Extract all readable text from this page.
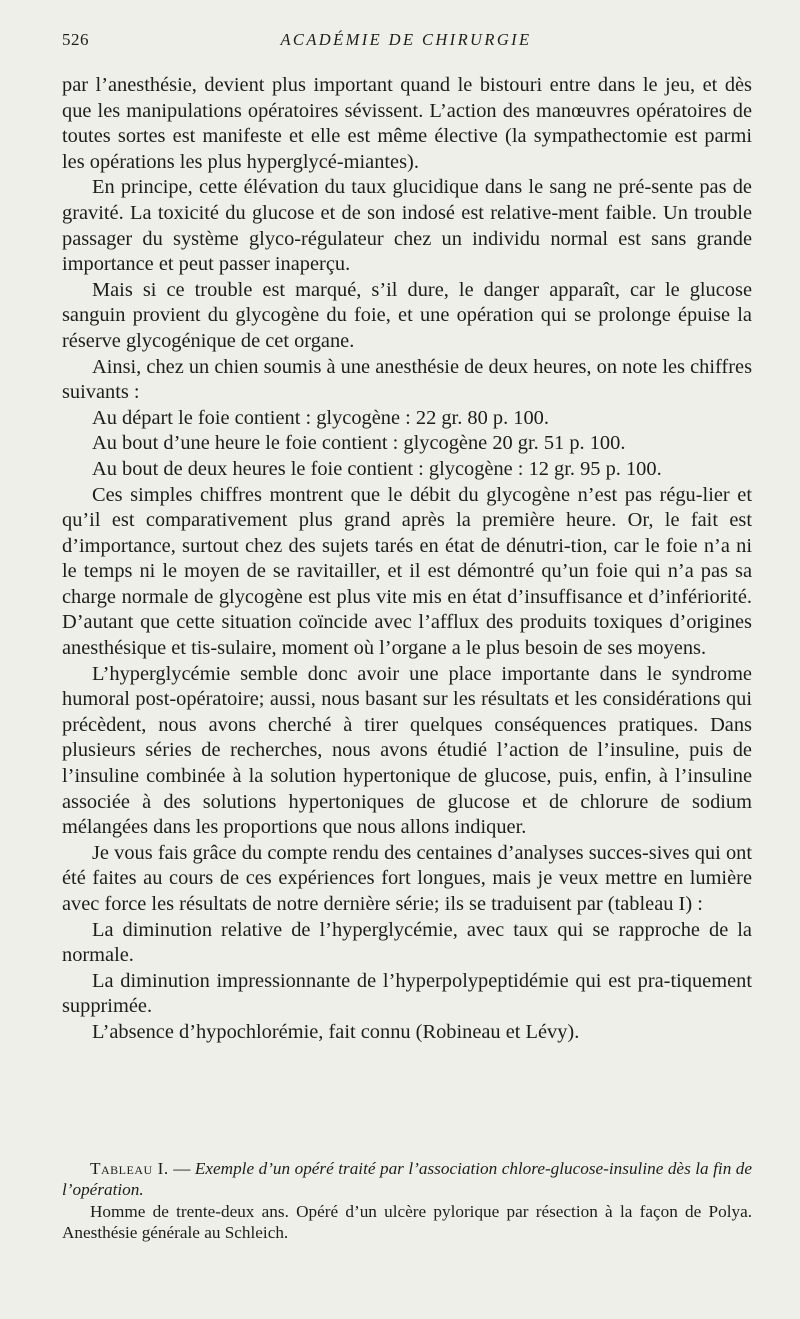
526	ACADÉMIE DE CHIRURGIE

par l’anesthésie, devient plus important quand le bistouri entre dans le jeu, et dès que les manipulations opératoires sévissent. L’action des manœuvres opératoires de toutes sortes est manifeste et elle est même élective (la sympathectomie est parmi les opérations les plus hyperglycé-miantes).

En principe, cette élévation du taux glucidique dans le sang ne pré-sente pas de gravité. La toxicité du glucose et de son indosé est relative-ment faible. Un trouble passager du système glyco-régulateur chez un individu normal est sans grande importance et peut passer inaperçu.

Mais si ce trouble est marqué, s’il dure, le danger apparaît, car le glucose sanguin provient du glycogène du foie, et une opération qui se prolonge épuise la réserve glycogénique de cet organe.

Ainsi, chez un chien soumis à une anesthésie de deux heures, on note les chiffres suivants :

Au départ le foie contient : glycogène : 22 gr. 80 p. 100.

Au bout d’une heure le foie contient : glycogène 20 gr. 51 p. 100.

Au bout de deux heures le foie contient : glycogène : 12 gr. 95 p. 100.

Ces simples chiffres montrent que le débit du glycogène n’est pas régu-lier et qu’il est comparativement plus grand après la première heure. Or, le fait est d’importance, surtout chez des sujets tarés en état de dénutri-tion, car le foie n’a ni le temps ni le moyen de se ravitailler, et il est démontré qu’un foie qui n’a pas sa charge normale de glycogène est plus vite mis en état d’insuffisance et d’infériorité. D’autant que cette situation coïncide avec l’afflux des produits toxiques d’origines anesthésique et tis-sulaire, moment où l’organe a le plus besoin de ses moyens.

L’hyperglycémie semble donc avoir une place importante dans le syndrome humoral post-opératoire; aussi, nous basant sur les résultats et les considérations qui précèdent, nous avons cherché à tirer quelques conséquences pratiques. Dans plusieurs séries de recherches, nous avons étudié l’action de l’insuline, puis de l’insuline combinée à la solution hypertonique de glucose, puis, enfin, à l’insuline associée à des solutions hypertoniques de glucose et de chlorure de sodium mélangées dans les proportions que nous allons indiquer.

Je vous fais grâce du compte rendu des centaines d’analyses succes-sives qui ont été faites au cours de ces expériences fort longues, mais je veux mettre en lumière avec force les résultats de notre dernière série; ils se traduisent par (tableau I) :

La diminution relative de l’hyperglycémie, avec taux qui se rapproche de la normale.

La diminution impressionnante de l’hyperpolypeptidémie qui est pra-tiquement supprimée.

L’absence d’hypochlorémie, fait connu (Robineau et Lévy).

Tableau I. — Exemple d’un opéré traité par l’association chlore-glucose-insuline dès la fin de l’opération.

Homme de trente-deux ans. Opéré d’un ulcère pylorique par résection à la façon de Polya. Anesthésie générale au Schleich.
